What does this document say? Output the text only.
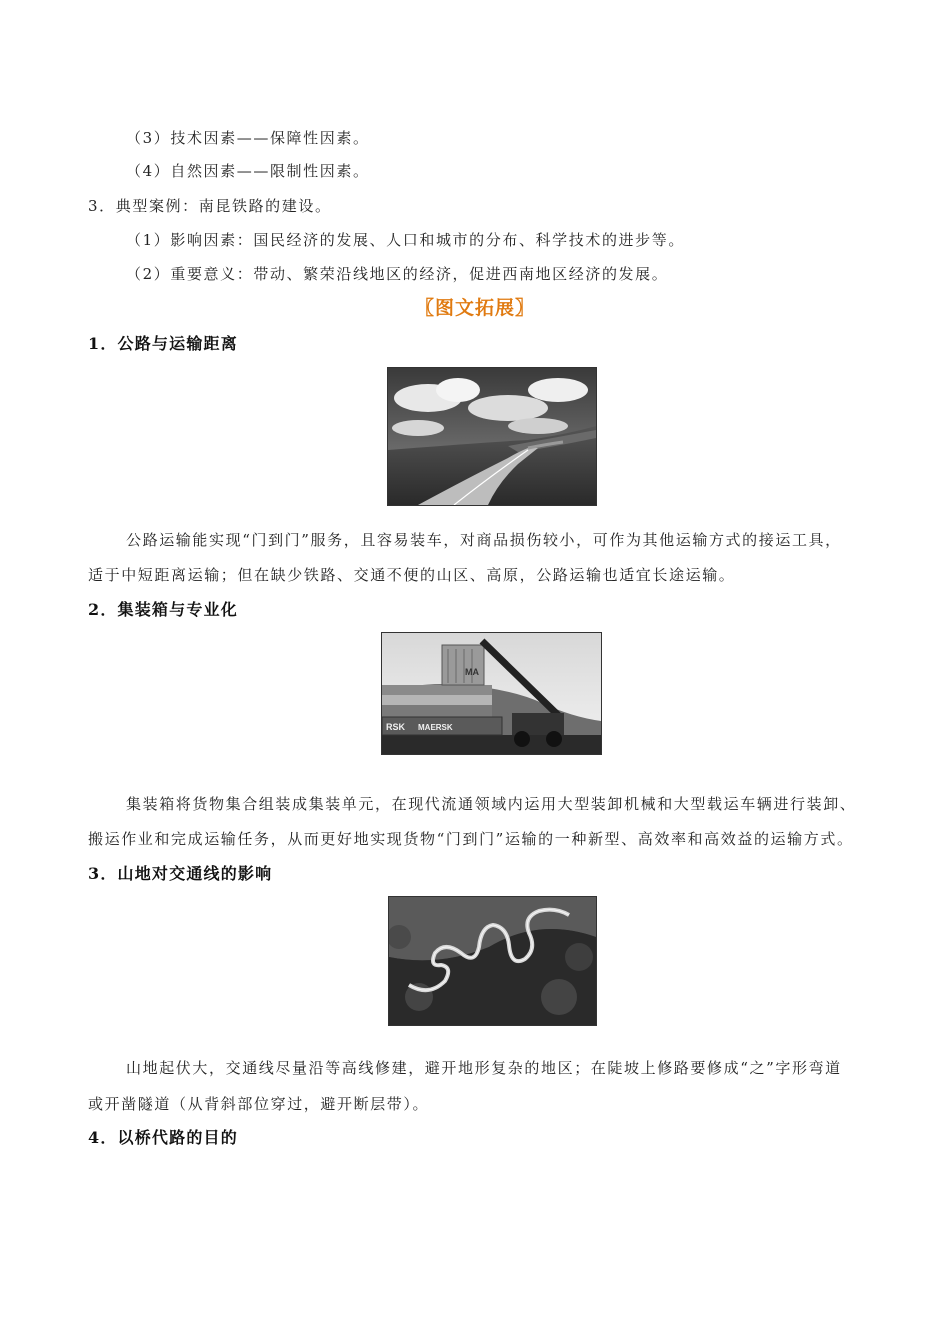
（3）技术因素——保障性因素。
（4）自然因素——限制性因素。
3．典型案例：南昆铁路的建设。
（1）影响因素：国民经济的发展、人口和城市的分布、科学技术的进步等。
（2）重要意义：带动、繁荣沿线地区的经济，促进西南地区经济的发展。
〖图文拓展〗
1．公路与运输距离
公路运输能实现“门到门”服务，且容易装车，对商品损伤较小，可作为其他运输方式的接运工具，
适于中短距离运输；但在缺少铁路、交通不便的山区、高原，公路运输也适宜长途运输。
2．集装箱与专业化
RSK MAERSK
MA
集装箱将货物集合组装成集装单元，在现代流通领域内运用大型装卸机械和大型载运车辆进行装卸、
搬运作业和完成运输任务，从而更好地实现货物“门到门”运输的一种新型、高效率和高效益的运输方式。
3．山地对交通线的影响
山地起伏大，交通线尽量沿等高线修建，避开地形复杂的地区；在陡坡上修路要修成“之”字形弯道
或开凿隧道（从背斜部位穿过，避开断层带）。
4．以桥代路的目的
